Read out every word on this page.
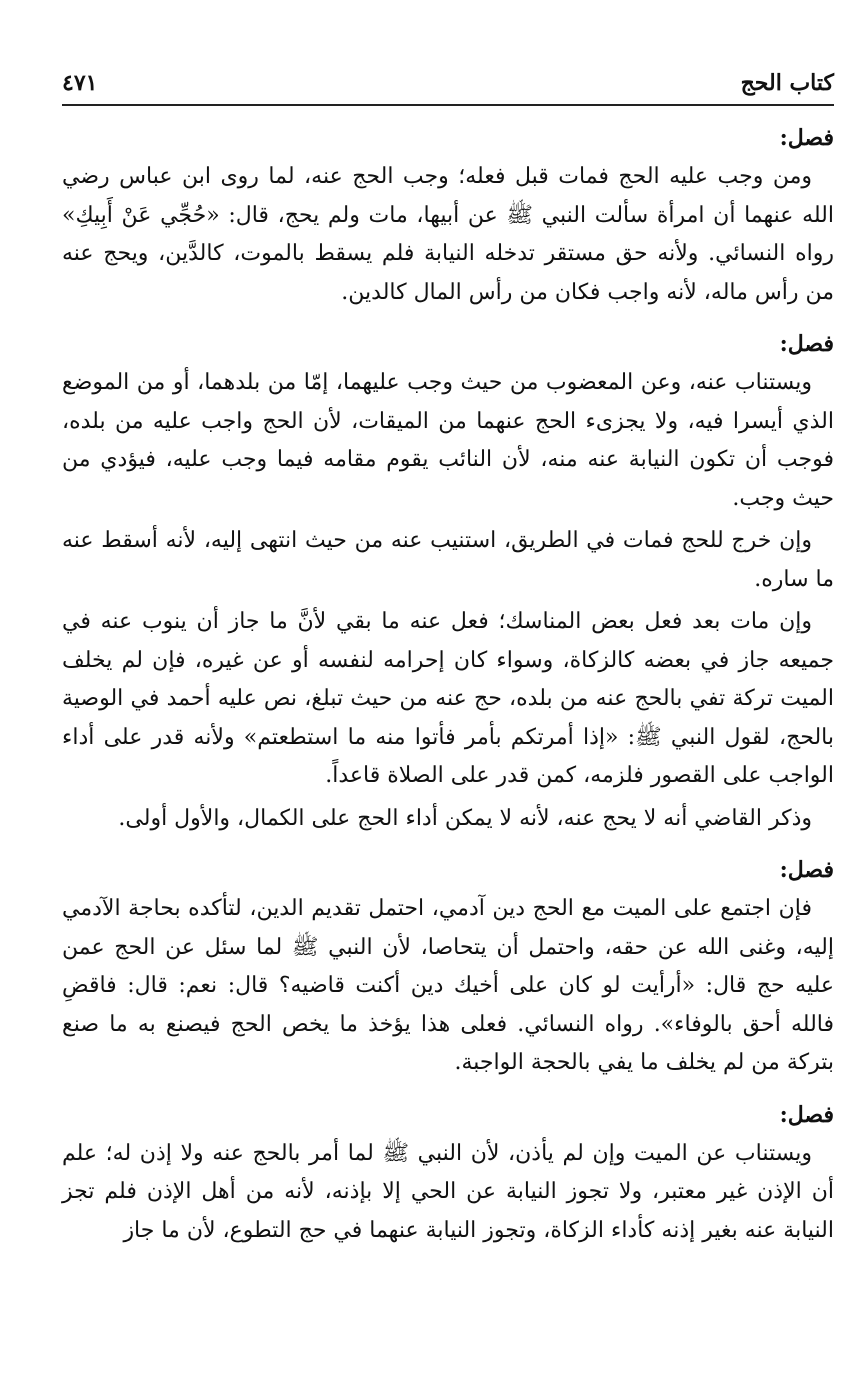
كتاب الحج
٤٧١
فصل:

ومن وجب عليه الحج فمات قبل فعله؛ وجب الحج عنه، لما روى ابن عباس رضي الله عنهما أن امرأة سألت النبي ﷺ عن أبيها، مات ولم يحج، قال: «حُجِّي عَنْ أَبِيكِ» رواه النسائي. ولأنه حق مستقر تدخله النيابة فلم يسقط بالموت، كالدَّين، ويحج عنه من رأس ماله، لأنه واجب فكان من رأس المال كالدين.

فصل:

ويستناب عنه، وعن المعضوب من حيث وجب عليهما، إمّا من بلدهما، أو من الموضع الذي أيسرا فيه، ولا يجزىء الحج عنهما من الميقات، لأن الحج واجب عليه من بلده، فوجب أن تكون النيابة عنه منه، لأن النائب يقوم مقامه فيما وجب عليه، فيؤدي من حيث وجب.

وإن خرج للحج فمات في الطريق، استنيب عنه من حيث انتهى إليه، لأنه أسقط عنه ما ساره.

وإن مات بعد فعل بعض المناسك؛ فعل عنه ما بقي لأنَّ ما جاز أن ينوب عنه في جميعه جاز في بعضه كالزكاة، وسواء كان إحرامه لنفسه أو عن غيره، فإن لم يخلف الميت تركة تفي بالحج عنه من بلده، حج عنه من حيث تبلغ، نص عليه أحمد في الوصية بالحج، لقول النبي ﷺ: «إذا أمرتكم بأمر فأتوا منه ما استطعتم» ولأنه قدر على أداء الواجب على القصور فلزمه، كمن قدر على الصلاة قاعداً.

وذكر القاضي أنه لا يحج عنه، لأنه لا يمكن أداء الحج على الكمال، والأول أولى.

فصل:

فإن اجتمع على الميت مع الحج دين آدمي، احتمل تقديم الدين، لتأكده بحاجة الآدمي إليه، وغنى الله عن حقه، واحتمل أن يتحاصا، لأن النبي ﷺ لما سئل عن الحج عمن عليه حج قال: «أرأيت لو كان على أخيك دين أكنت قاضيه؟ قال: نعم: قال: فاقضِ فالله أحق بالوفاء». رواه النسائي. فعلى هذا يؤخذ ما يخص الحج فيصنع به ما صنع بتركة من لم يخلف ما يفي بالحجة الواجبة.

فصل:

ويستناب عن الميت وإن لم يأذن، لأن النبي ﷺ لما أمر بالحج عنه ولا إذن له؛ علم أن الإذن غير معتبر، ولا تجوز النيابة عن الحي إلا بإذنه، لأنه من أهل الإذن فلم تجز النيابة عنه بغير إذنه كأداء الزكاة، وتجوز النيابة عنهما في حج التطوع، لأن ما جاز
